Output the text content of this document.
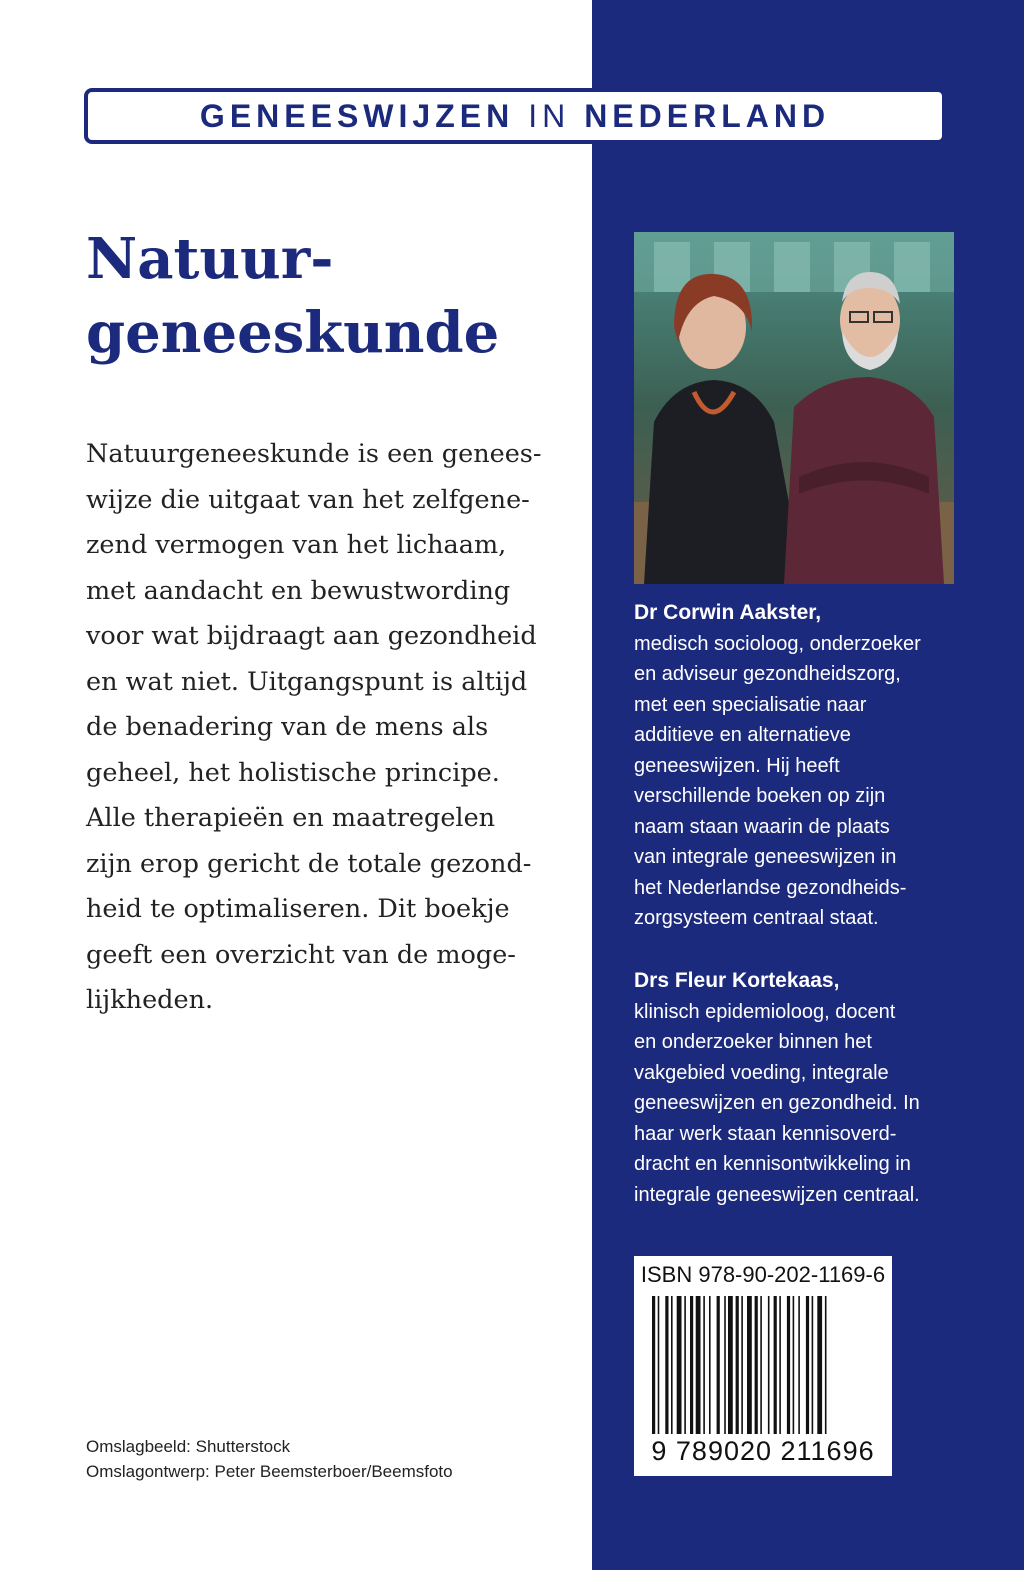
GENEESWIJZEN IN NEDERLAND
Natuur-
geneeskunde

Natuurgeneeskunde is een genees-
wijze die uitgaat van het zelfgene-
zend vermogen van het lichaam,
met aandacht en bewustwording
voor wat bijdraagt aan gezondheid
en wat niet. Uitgangspunt is altijd
de benadering van de mens als
geheel, het holistische principe.
Alle therapieën en maatregelen
zijn erop gericht de totale gezond-
heid te optimaliseren. Dit boekje
geeft een overzicht van de moge-
lijkheden.

Dr Corwin Aakster,
medisch socioloog, onderzoeker
en adviseur gezondheidszorg,
met een specialisatie naar
additieve en alternatieve
geneeswijzen. Hij heeft
verschillende boeken op zijn
naam staan waarin de plaats
van integrale geneeswijzen in
het Nederlandse gezondheids-
zorgsysteem centraal staat.
Drs Fleur Kortekaas,
klinisch epidemioloog, docent
en onderzoeker binnen het
vakgebied voeding, integrale
geneeswijzen en gezondheid. In
haar werk staan kennisoverd-
dracht en kennisontwikkeling in
integrale geneeswijzen centraal.
ISBN 978-90-202-1169-6
9 789020 211696
Omslagbeeld: Shutterstock
Omslagontwerp: Peter Beemsterboer/Beemsfoto
